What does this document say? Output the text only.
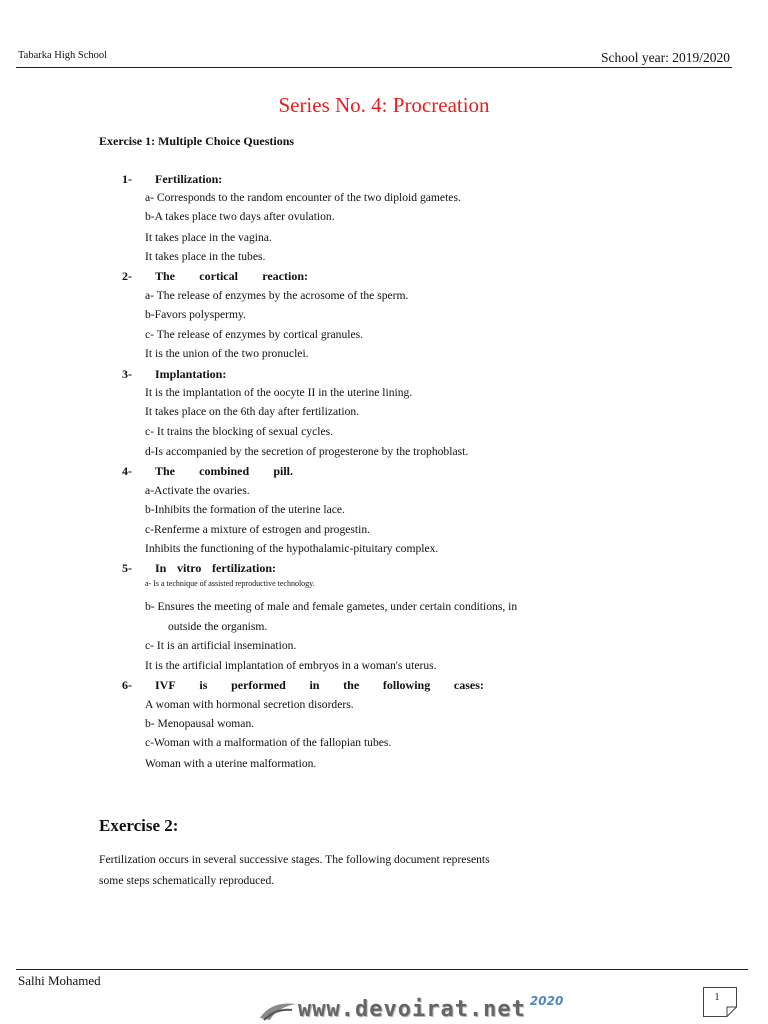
Tabarka High School	School year: 2019/2020
Series No. 4: Procreation
Exercise 1: Multiple Choice Questions
1-	Fertilization:
a- Corresponds to the random encounter of the two diploid gametes.
b-A takes place two days after ovulation.
It takes place in the vagina.
It takes place in the tubes.
2-	The cortical reaction:
a- The release of enzymes by the acrosome of the sperm.
b-Favors polyspermy.
c- The release of enzymes by cortical granules.
It is the union of the two pronuclei.
3-	Implantation:
It is the implantation of the oocyte II in the uterine lining.
It takes place on the 6th day after fertilization.
c- It trains the blocking of sexual cycles.
d-Is accompanied by the secretion of progesterone by the trophoblast.
4-	The combined pill.
a-Activate the ovaries.
b-Inhibits the formation of the uterine lace.
c-Renferme a mixture of estrogen and progestin.
Inhibits the functioning of the hypothalamic-pituitary complex.
5-	In vitro fertilization:
a- Is a technique of assisted reproductive technology.
b- Ensures the meeting of male and female gametes, under certain conditions, in
outside the organism.
c- It is an artificial insemination.
It is the artificial implantation of embryos in a woman's uterus.
6-	IVF is performed in the following cases:
A woman with hormonal secretion disorders.
b- Menopausal woman.
c-Woman with a malformation of the fallopian tubes.
Woman with a uterine malformation.
Exercise 2:
Fertilization occurs in several successive stages. The following document represents
some steps schematically reproduced.
Salhi Mohamed
www.devoirat.net 2020	1
